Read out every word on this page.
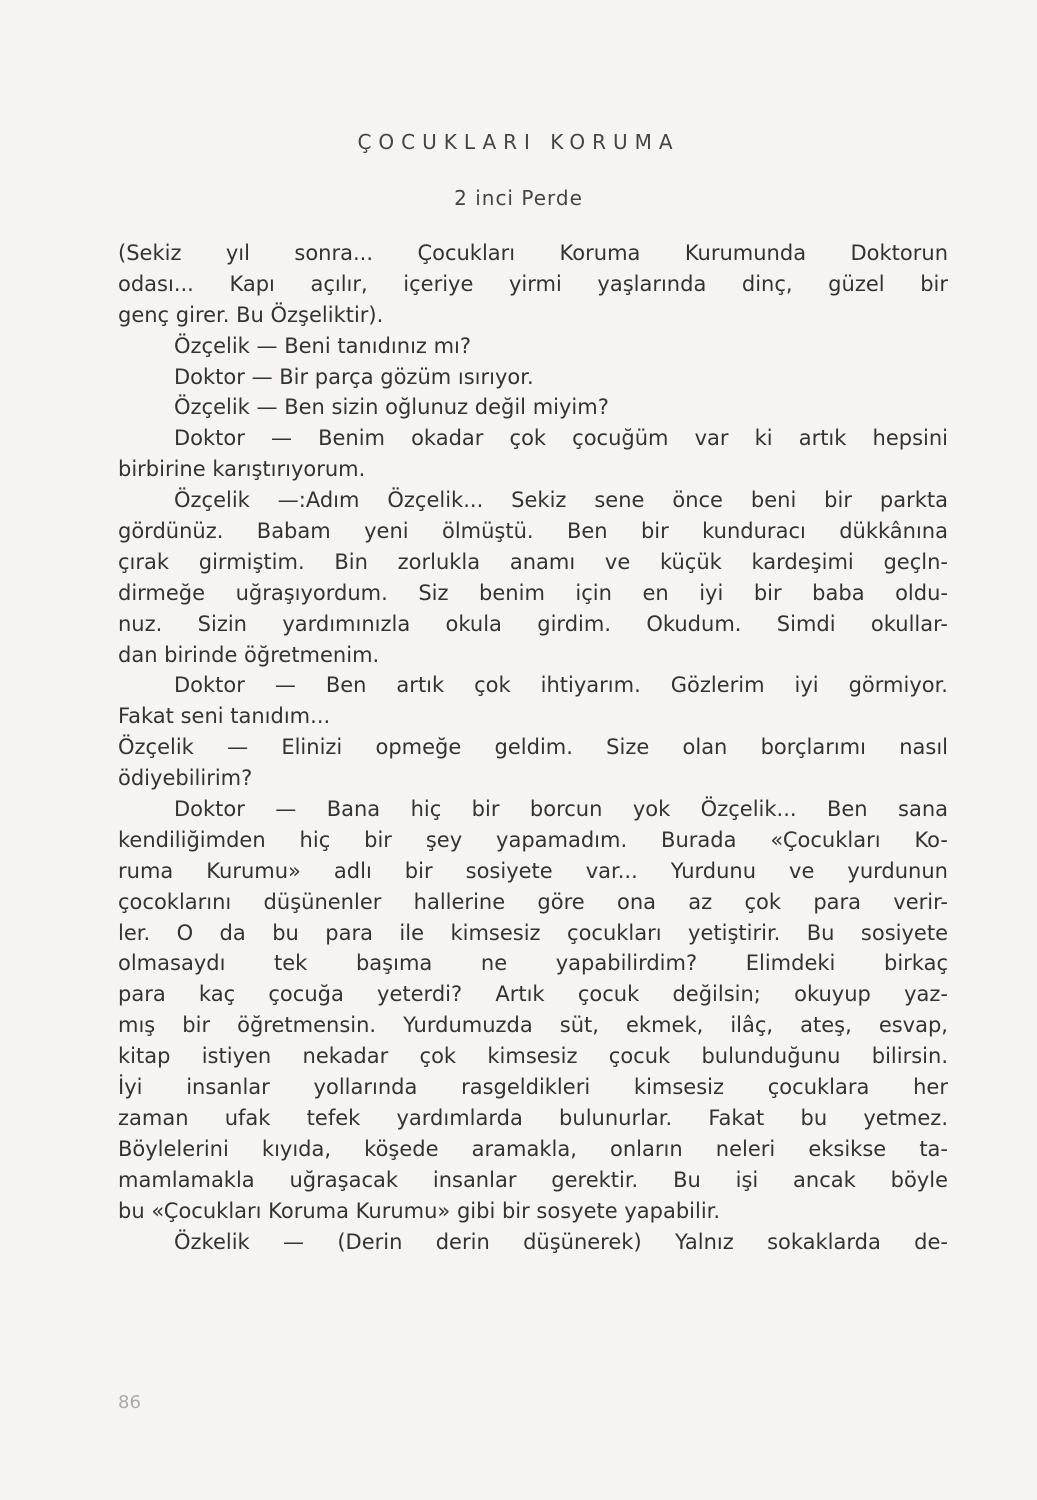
ÇOCUKLARI KORUMA
2 inci Perde
(Sekiz yıl sonra... Çocukları Koruma Kurumunda Doktorun
odası... Kapı açılır, içeriye yirmi yaşlarında dinç, güzel bir
genç girer. Bu Özşeliktir).
Özçelik — Beni tanıdınız mı?
Doktor — Bir parça gözüm ısırıyor.
Özçelik — Ben sizin oğlunuz değil miyim?
Doktor — Benim okadar çok çocuğüm var ki artık hepsini
birbirine karıştırıyorum.
Özçelik —:Adım Özçelik... Sekiz sene önce beni bir parkta
gördünüz. Babam yeni ölmüştü. Ben bir kunduracı dükkânına
çırak girmiştim. Bin zorlukla anamı ve küçük kardeşimi geçln-
dirmeğe uğraşıyordum. Siz benim için en iyi bir baba oldu-
nuz. Sizin yardımınızla okula girdim. Okudum. Simdi okullar-
dan birinde öğretmenim.
Doktor — Ben artık çok ihtiyarım. Gözlerim iyi görmiyor.
Fakat seni tanıdım...
Özçelik — Elinizi opmeğe geldim. Size olan borçlarımı nasıl
ödiyebilirim?
Doktor — Bana hiç bir borcun yok Özçelik... Ben sana
kendiliğimden hiç bir şey yapamadım. Burada «Çocukları Ko-
ruma Kurumu» adlı bir sosiyete var... Yurdunu ve yurdunun
çocoklarını düşünenler hallerine göre ona az çok para verir-
ler. O da bu para ile kimsesiz çocukları yetiştirir. Bu sosiyete
olmasaydı tek başıma ne yapabilirdim? Elimdeki birkaç
para kaç çocuğa yeterdi? Artık çocuk değilsin; okuyup yaz-
mış bir öğretmensin. Yurdumuzda süt, ekmek, ilâç, ateş, esvap,
kitap istiyen nekadar çok kimsesiz çocuk bulunduğunu bilirsin.
İyi insanlar yollarında rasgeldikleri kimsesiz çocuklara her
zaman ufak tefek yardımlarda bulunurlar. Fakat bu yetmez.
Böylelerini kıyıda, köşede aramakla, onların neleri eksikse ta-
mamlamakla uğraşacak insanlar gerektir. Bu işi ancak böyle
bu «Çocukları Koruma Kurumu» gibi bir sosyete yapabilir.
Özkelik — (Derin derin düşünerek) Yalnız sokaklarda de-
86
